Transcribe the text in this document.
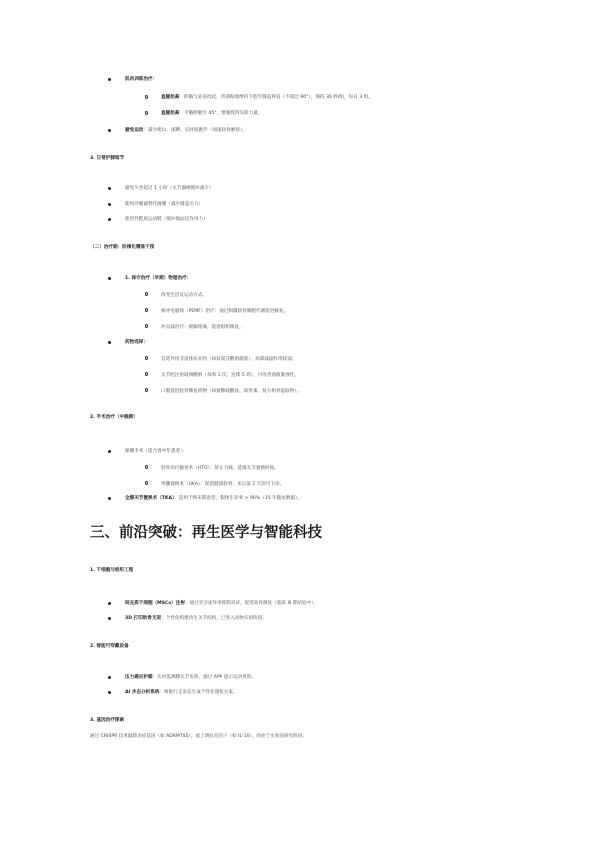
肌肉训练治疗：
直腿抬高：仰躺与站姿抬起，背部贴地维持下肢至膝盖伸直（不超过 90°），保持 30 秒/组，每日 3 组。
直腿抬高：平躺伸腿至 45°，增强股四头肌力量。
避免运动：减少爬山、深蹲、长时间跑步（加速软骨磨损）。
3. 日常护膝细节
避免久坐超过 1 小时（关节僵硬循环减少）
使用冷暖器替代薄膝（减少膝盖压力）
使用性鞋底运动鞋（缓冲地面反作用力）
（二）治疗期：阶梯化精准干预
1. 保守治疗（早期）物理治疗：
改变生活及运动方式。
脉冲电磁场（PEMF）治疗：通过刺激软骨细胞代谢促进修复。
冲击波治疗：缓解疼痛，促进组织修复。
药物选择：
首选外用非甾体抗炎药（如双氯芬酸钠凝胶），局部减副作用较弱。
关节腔注射玻璃酸钠（每周 1 次，连续 5 周），可改善滑液黏弹性。
口服促进软骨修复药物（如氨糖硫酸盐、软骨素、复方枸骨提取物）。
2. 手术治疗（中晚期）
保膝手术（适合青中年患者）：
胫骨高位截骨术（HTO）：矫正力线，延缓关节置换时间。
单髁置换术（UKA）：保留健康软骨，术后第 2 天即可下床。
全膝关节置换术（TKA）：适用于终末期患者，假体生存率 > 90%（15 年随访数据）。
三、前沿突破：再生医学与智能科技
1. 干细胞与组织工程
间充质干细胞（MSCs）注射：通过旁分泌作用抑制炎症，促进软骨修复（临床 III 期试验中）。
3D 打印软骨支架：个性化构建仿生关节结构，已进入动物实验阶段。
2. 智能可穿戴设备
压力感应护膝：实时监测膝关节负荷，通过 APP 提示运动风险。
AI 步态分析系统：根据行走姿态生成个性化康复方案。
3. 基因治疗探索
通过 CRISPR 技术敲除炎症基因（如 ADAMTS5），或上调抗炎因子（如 IL-10），尚处于实验室研究阶段。
